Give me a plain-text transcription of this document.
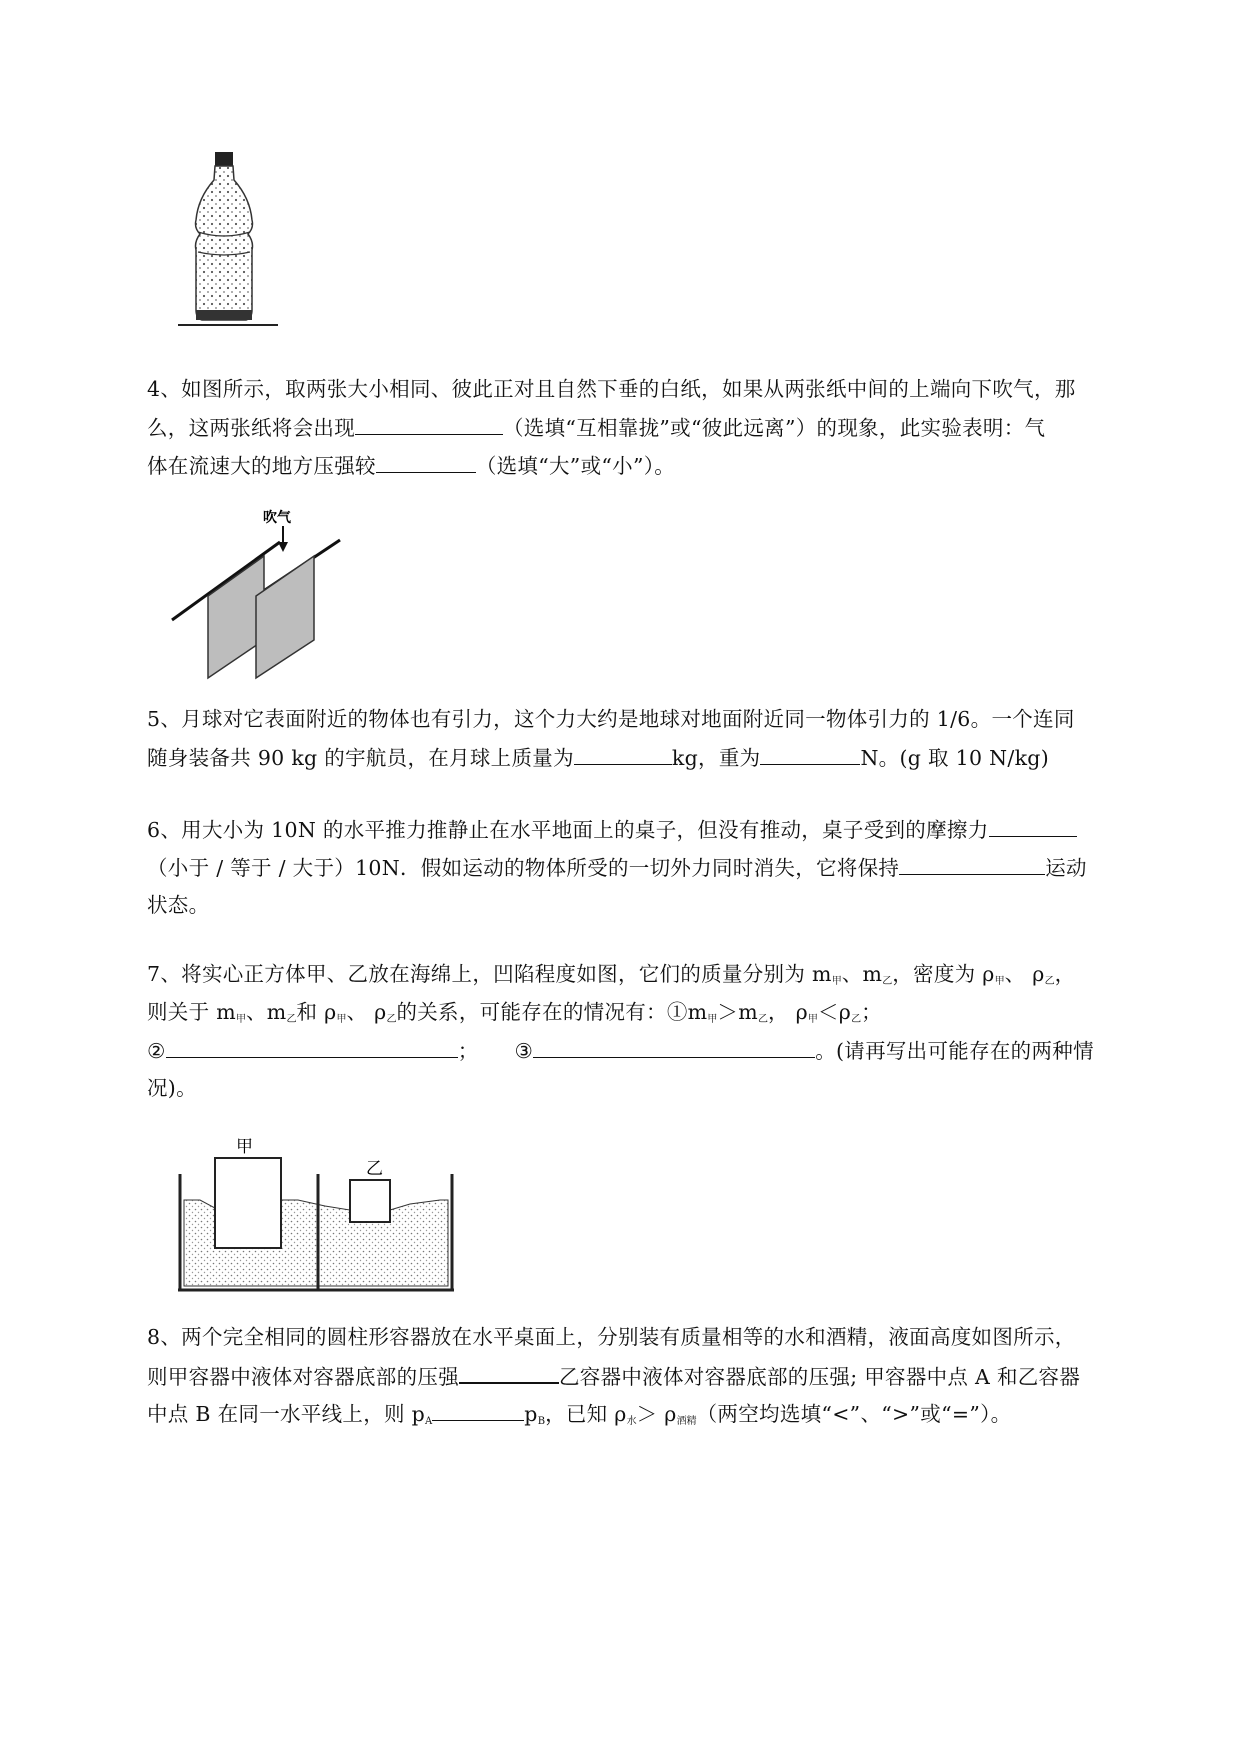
吹气
甲
乙
4、如图所示，取两张大小相同、彼此正对且自然下垂的白纸，如果从两张纸中间的上端向下吹气，那
么，这两张纸将会出现	（选填“互相靠拢”或“彼此远离”）的现象，此实验表明：气
体在流速大的地方压强较	（选填“大”或“小”）。
5、月球对它表面附近的物体也有引力，这个力大约是地球对地面附近同一物体引力的 1/6。一个连同
随身装备共 90 kg 的宇航员，在月球上质量为	kg，重为	N。(g 取 10 N/kg)
6、用大小为 10N 的水平推力推静止在水平地面上的桌子，但没有推动，桌子受到的摩擦力
（小于 / 等于 / 大于）10N．假如运动的物体所受的一切外力同时消失，它将保持	运动
状态。
7、将实心正方体甲、乙放在海绵上，凹陷程度如图，它们的质量分别为 $m_甲$、$m_乙$，密度为 $\rho_甲$、 $\rho_乙$，
则关于 $m_甲$、$m_乙$和 $\rho_甲$、 $\rho_乙$的关系，可能存在的情况有：$①m_甲>m_乙$， $\rho_甲<\rho_乙$；
②	； ③	。(请再写出可能存在的两种情
况)。
8、两个完全相同的圆柱形容器放在水平桌面上，分别装有质量相等的水和酒精，液面高度如图所示，
则甲容器中液体对容器底部的压强	乙容器中液体对容器底部的压强; 甲容器中点 A 和乙容器
中点 B 在同一水平线上，则 $p_A$	$p_B$，已知 $\rho_水> \rho_{酒精}$（两空均选填“<”、“>”或“=”）。
